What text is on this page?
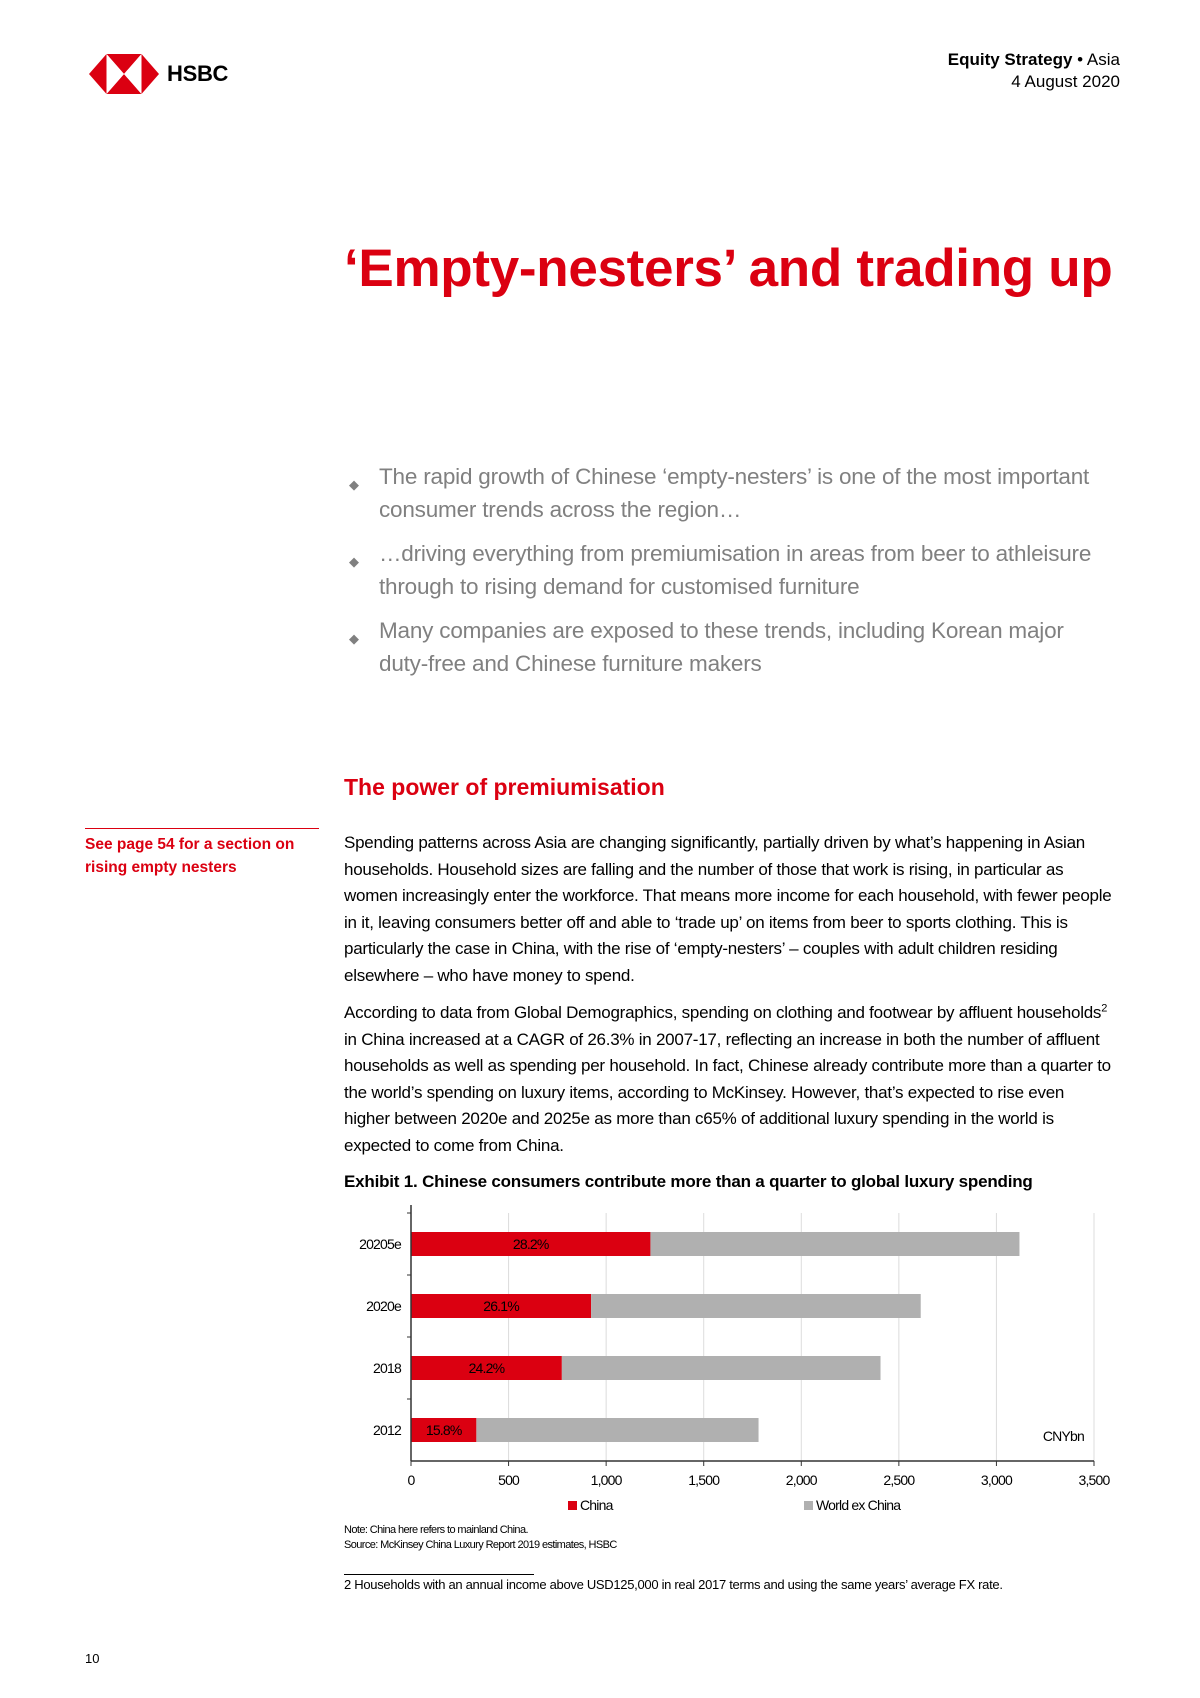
HSBC
Equity Strategy • Asia
4 August 2020
‘Empty-nesters’ and trading up
◆ The rapid growth of Chinese ‘empty-nesters’ is one of the most important consumer trends across the region…
◆ …driving everything from premiumisation in areas from beer to athleisure through to rising demand for customised furniture
◆ Many companies are exposed to these trends, including Korean major duty-free and Chinese furniture makers
The power of premiumisation
See page 54 for a section on rising empty nesters

Spending patterns across Asia are changing significantly, partially driven by what’s happening in Asian households. Household sizes are falling and the number of those that work is rising, in particular as women increasingly enter the workforce. That means more income for each household, with fewer people in it, leaving consumers better off and able to ‘trade up’ on items from beer to sports clothing. This is particularly the case in China, with the rise of ‘empty-nesters’ – couples with adult children residing elsewhere – who have money to spend.

According to data from Global Demographics, spending on clothing and footwear by affluent households$^2$ in China increased at a CAGR of 26.3% in 2007-17, reflecting an increase in both the number of affluent households as well as spending per household. In fact, Chinese already contribute more than a quarter to the world’s spending on luxury items, according to McKinsey. However, that’s expected to rise even higher between 2020e and 2025e as more than c65% of additional luxury spending in the world is expected to come from China.

Exhibit 1. Chinese consumers contribute more than a quarter to global luxury spending
0	500	1,000	1,500	2,000	2,500	3,000	3,500
28.2%
20205e
26.1%
2020e
24.2%
2018
15.8%
2012	CNYbn
China	World ex China
Note: China here refers to mainland China.
Source: McKinsey China Luxury Report 2019 estimates, HSBC
2 Households with an annual income above USD125,000 in real 2017 terms and using the same years’ average FX rate.
10
